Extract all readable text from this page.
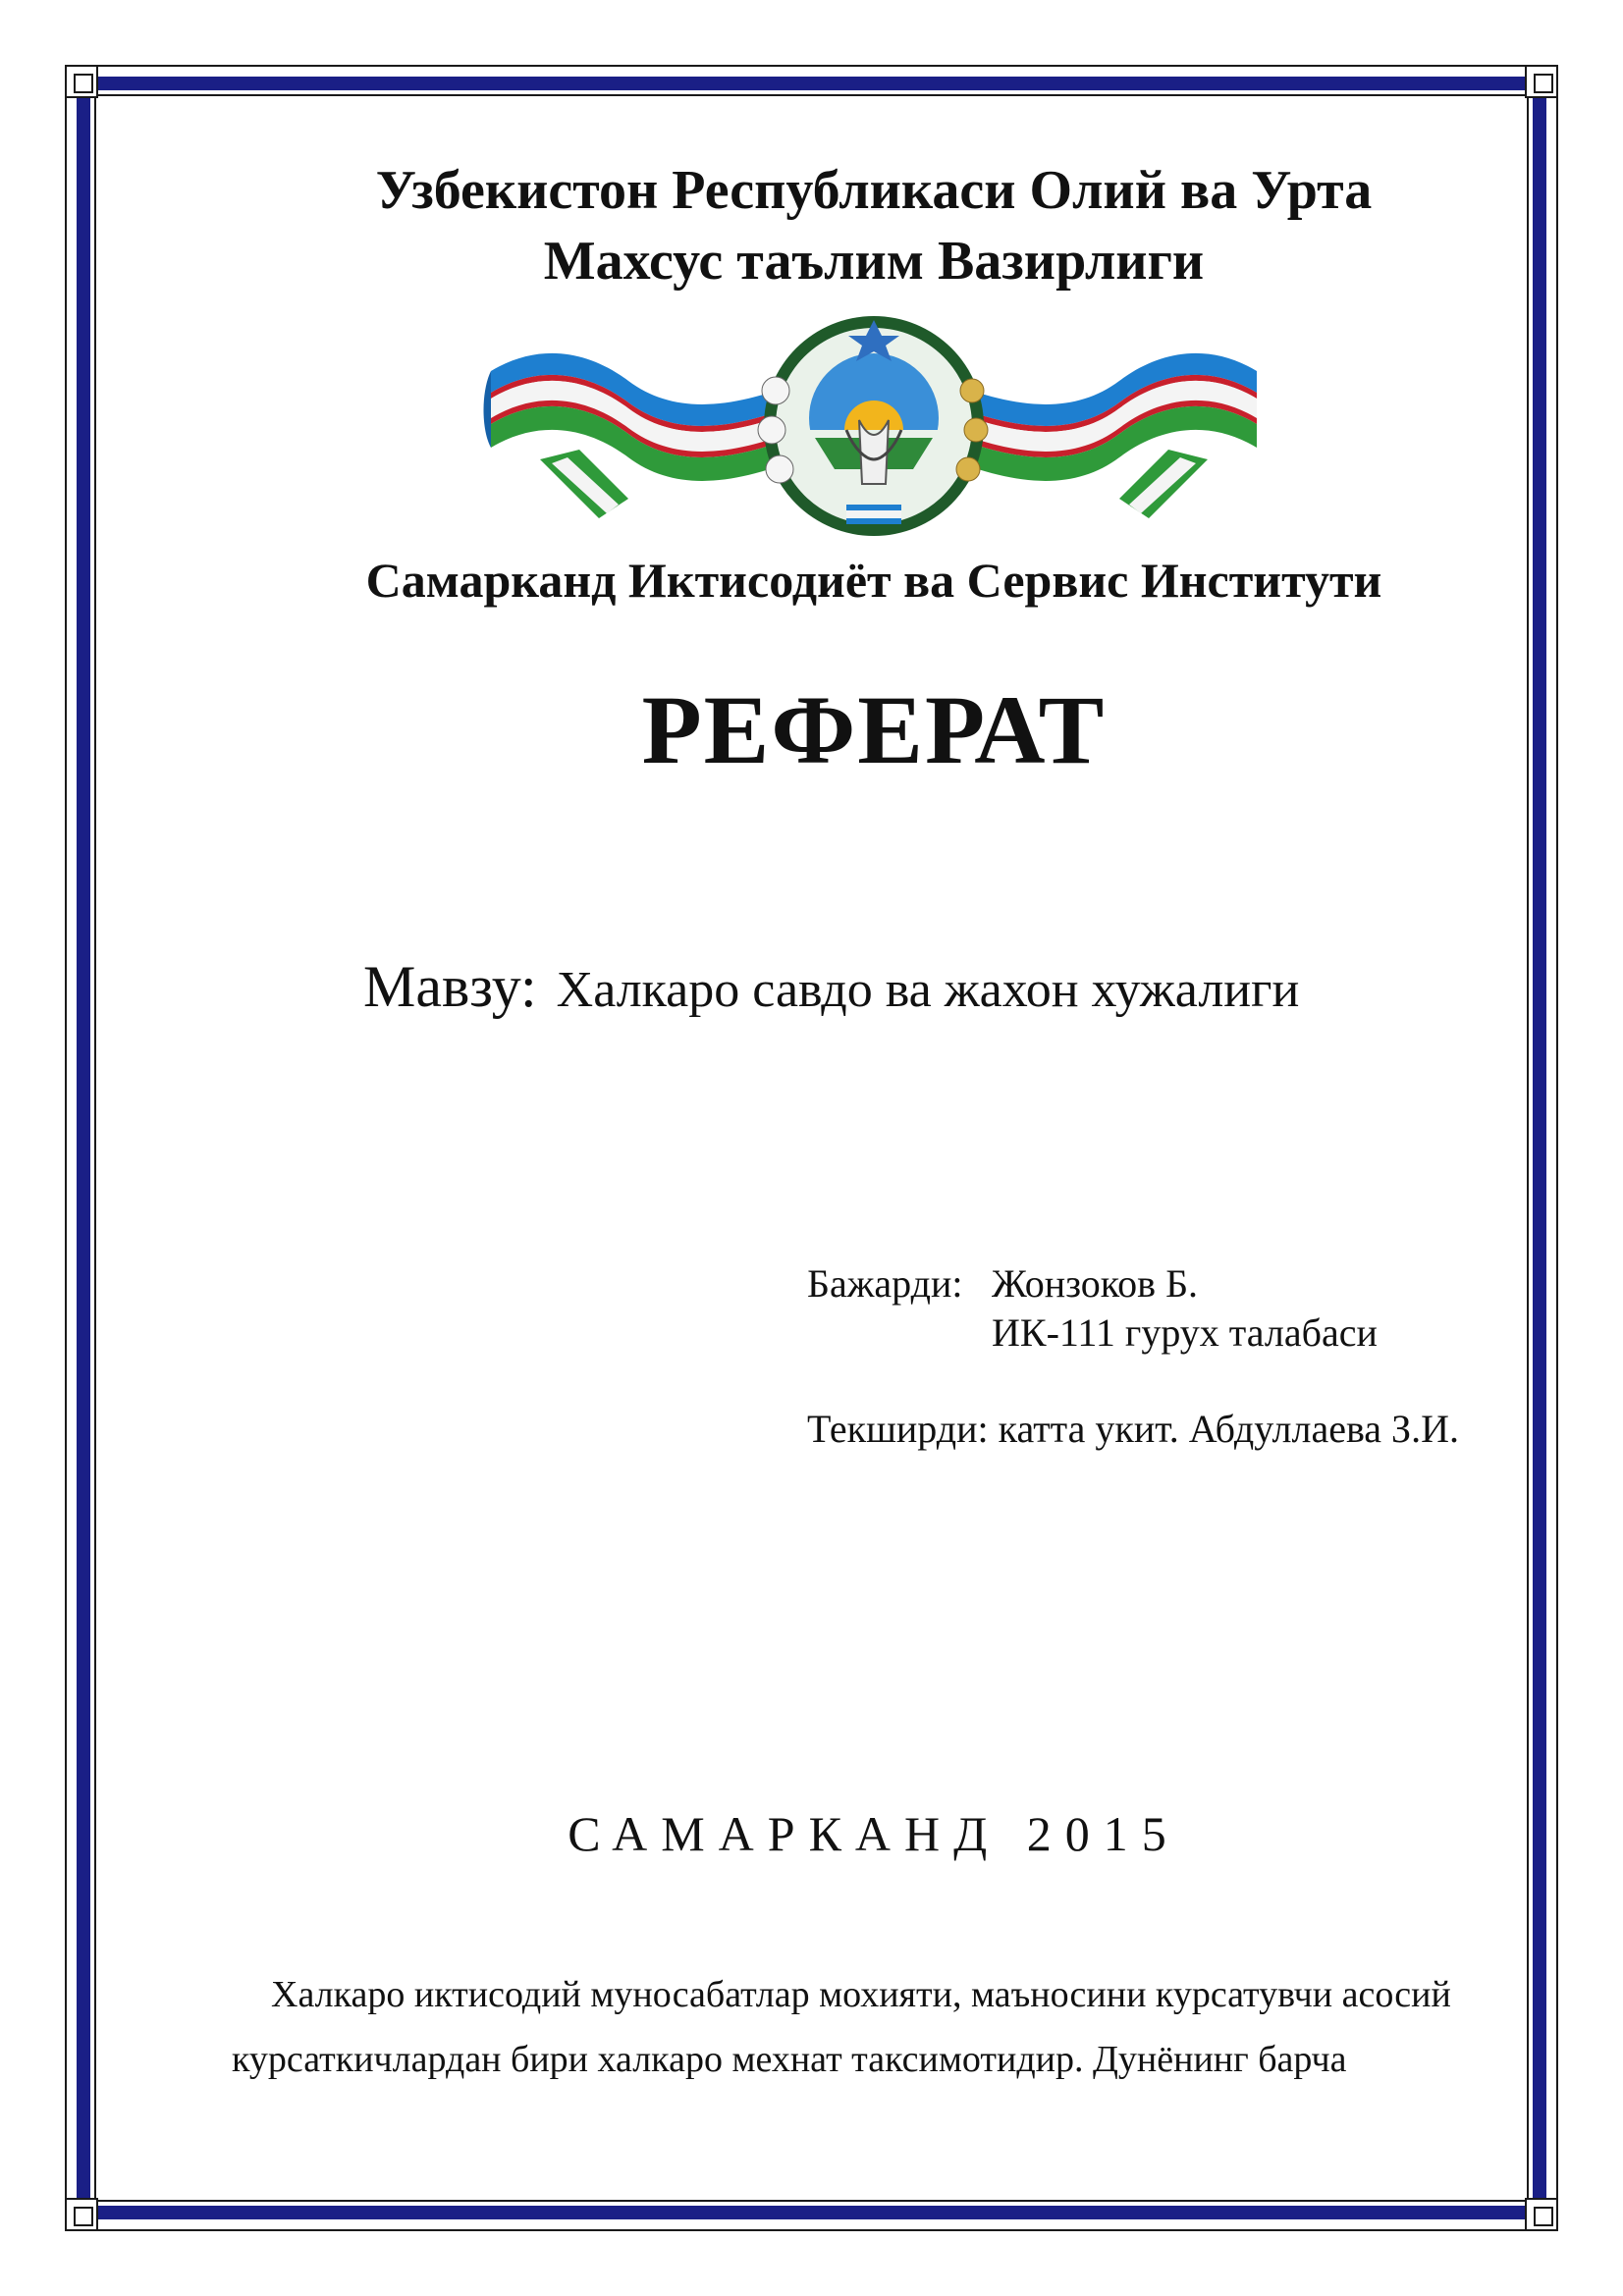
Узбекистон Республикаси Олий ва Урта
Махсус таълим Вазирлиги
Самарканд Иктисодиёт ва Сервис Институти
РЕФЕРАТ
Мавзу: Халкаро савдо ва жахон хужалиги
Бажарди: Жонзоков Б.
ИК-111 гурух талабаси
Текширди: катта укит. Абдуллаева З.И.
САМАРКАНД 2015
Халкаро иктисодий муносабатлар мохияти, маъносини курсатувчи асосий
курсаткичлардан бири халкаро мехнат таксимотидир. Дунёнинг барча
